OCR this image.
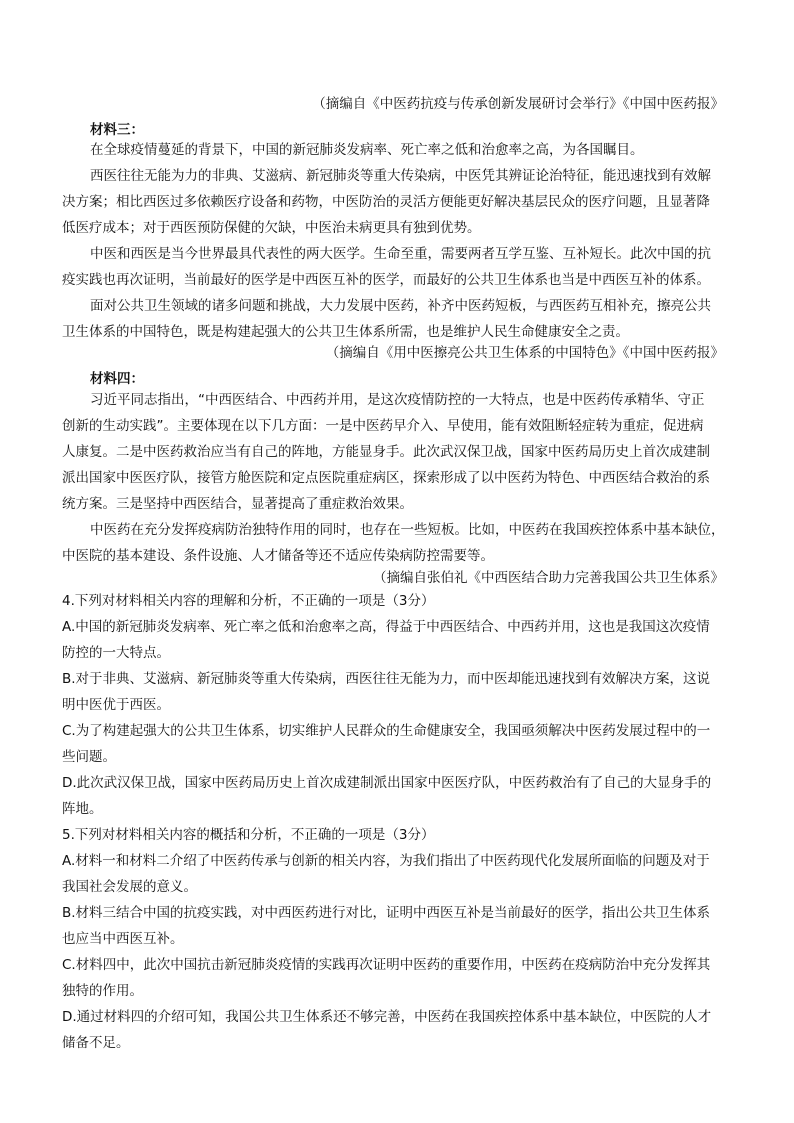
（摘编自《中医药抗疫与传承创新发展研讨会举行》《中国中医药报》
材料三：

在全球疫情蔓延的背景下，中国的新冠肺炎发病率、死亡率之低和治愈率之高，为各国瞩目。

西医往往无能为力的非典、艾滋病、新冠肺炎等重大传染病，中医凭其辨证论治特征，能迅速找到有效解
决方案；相比西医过多依赖医疗设备和药物，中医防治的灵活方便能更好解决基层民众的医疗问题，且显著降
低医疗成本；对于西医预防保健的欠缺，中医治未病更具有独到优势。

中医和西医是当今世界最具代表性的两大医学。生命至重，需要两者互学互鉴、互补短长。此次中国的抗
疫实践也再次证明，当前最好的医学是中西医互补的医学，而最好的公共卫生体系也当是中西医互补的体系。

面对公共卫生领域的诸多问题和挑战，大力发展中医药，补齐中医药短板，与西医药互相补充，擦亮公共
卫生体系的中国特色，既是构建起强大的公共卫生体系所需，也是维护人民生命健康安全之责。

（摘编自《用中医擦亮公共卫生体系的中国特色》《中国中医药报》
材料四：

习近平同志指出，“中西医结合、中西药并用，是这次疫情防控的一大特点，也是中医药传承精华、守正
创新的生动实践”。主要体现在以下几方面：一是中医药早介入、早使用，能有效阻断轻症转为重症，促进病
人康复。二是中医药救治应当有自己的阵地，方能显身手。此次武汉保卫战，国家中医药局历史上首次成建制
派出国家中医医疗队，接管方舱医院和定点医院重症病区，探索形成了以中医药为特色、中西医结合救治的系
统方案。三是坚持中西医结合，显著提高了重症救治效果。

中医药在充分发挥疫病防治独特作用的同时，也存在一些短板。比如，中医药在我国疾控体系中基本缺位，
中医院的基本建设、条件设施、人才储备等还不适应传染病防控需要等。

（摘编自张伯礼《中西医结合助力完善我国公共卫生体系》
4.下列对材料相关内容的理解和分析，不正确的一项是（3分）
A.中国的新冠肺炎发病率、死亡率之低和治愈率之高，得益于中西医结合、中西药并用，这也是我国这次疫情
防控的一大特点。
B.对于非典、艾滋病、新冠肺炎等重大传染病，西医往往无能为力，而中医却能迅速找到有效解决方案，这说
明中医优于西医。
C.为了构建起强大的公共卫生体系，切实维护人民群众的生命健康安全，我国亟须解决中医药发展过程中的一
些问题。
D.此次武汉保卫战，国家中医药局历史上首次成建制派出国家中医医疗队，中医药救治有了自己的大显身手的
阵地。
5.下列对材料相关内容的概括和分析，不正确的一项是（3分）
A.材料一和材料二介绍了中医药传承与创新的相关内容，为我们指出了中医药现代化发展所面临的问题及对于
我国社会发展的意义。
B.材料三结合中国的抗疫实践，对中西医药进行对比，证明中西医互补是当前最好的医学，指出公共卫生体系
也应当中西医互补。
C.材料四中，此次中国抗击新冠肺炎疫情的实践再次证明中医药的重要作用，中医药在疫病防治中充分发挥其
独特的作用。
D.通过材料四的介绍可知，我国公共卫生体系还不够完善，中医药在我国疾控体系中基本缺位，中医院的人才
储备不足。
